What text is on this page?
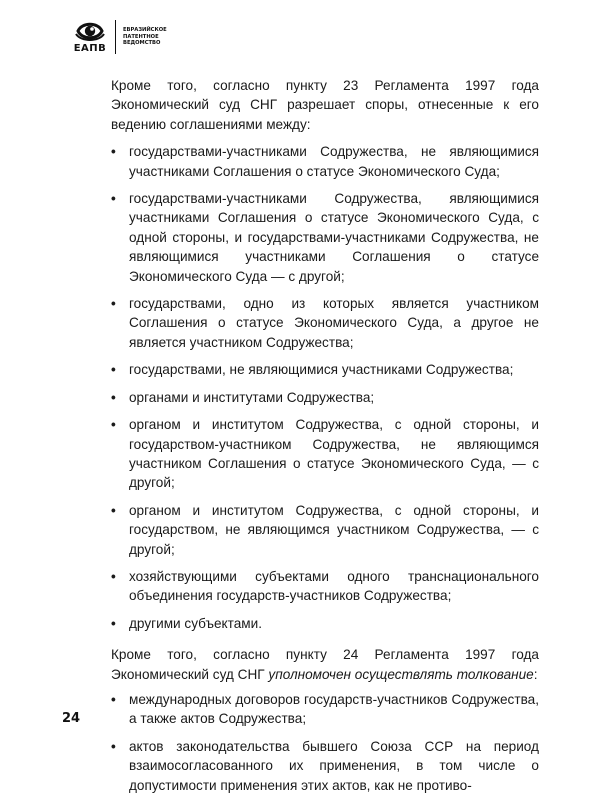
EAПВ
ЕВРАЗИЙСКОЕ
ПАТЕНТНОЕ
ВЕДОМСТВО

Кроме того, согласно пункту 23 Регламента 1997 года Экономический суд СНГ разрешает споры, отнесенные к его ведению соглашениями между:

• государствами-участниками Содружества, не являющимися участниками Соглашения о статусе Экономического Суда;
• государствами-участниками Содружества, являющимися участниками Соглашения о статусе Экономического Суда, с одной стороны, и государствами-участниками Содружества, не являющимися участниками Соглашения о статусе Экономического Суда — с другой;
• государствами, одно из которых является участником Соглашения о статусе Экономического Суда, а другое не является участником Содружества;
• государствами, не являющимися участниками Содружества;
• органами и институтами Содружества;
• органом и институтом Содружества, с одной стороны, и государством-участником Содружества, не являющимся участником Соглашения о статусе Экономического Суда, — с другой;
• органом и институтом Содружества, с одной стороны, и государством, не являющимся участником Содружества, — с другой;
• хозяйствующими субъектами одного транснационального объединения государств-участников Содружества;
• другими субъектами.

Кроме того, согласно пункту 24 Регламента 1997 года Экономический суд СНГ уполномочен осуществлять толкование:

• международных договоров государств-участников Содружества, а также актов Содружества;
• актов законодательства бывшего Союза ССР на период взаимосогласованного их применения, в том числе о допустимости применения этих актов, как не противо-
24
